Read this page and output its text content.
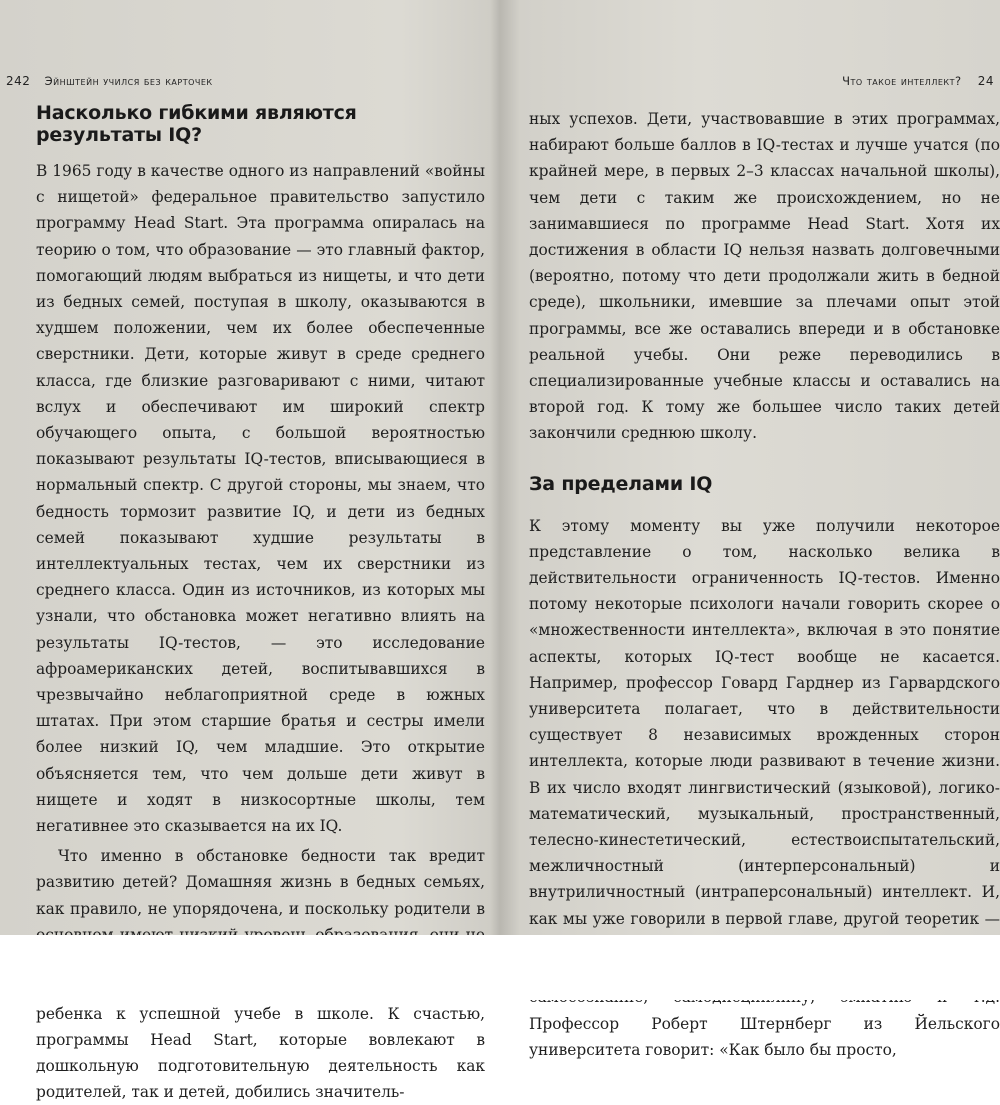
242 Эйнштейн учился без карточек
Насколько гибкими являются результаты IQ?

В 1965 году в качестве одного из направлений «войны с нищетой» федеральное правительство запустило программу Head Start. Эта программа опиралась на теорию о том, что образование — это главный фактор, помогающий людям выбраться из нищеты, и что дети из бедных семей, поступая в школу, оказываются в худшем положении, чем их более обеспеченные сверстники. Дети, которые живут в среде среднего класса, где близкие разговаривают с ними, читают вслух и обеспечивают им широкий спектр обучающего опыта, с большой вероятностью показывают результаты IQ-тестов, вписывающиеся в нормальный спектр. С другой стороны, мы знаем, что бедность тормозит развитие IQ, и дети из бедных семей показывают худшие результаты в интеллектуальных тестах, чем их сверстники из среднего класса. Один из источников, из которых мы узнали, что обстановка может негативно влиять на результаты IQ-тестов, — это исследование афроамериканских детей, воспитывавшихся в чрезвычайно неблагоприятной среде в южных штатах. При этом старшие братья и сестры имели более низкий IQ, чем младшие. Это открытие объясняется тем, что чем дольше дети живут в нищете и ходят в низкосортные школы, тем негативнее это сказывается на их IQ.

Что именно в обстановке бедности так вредит развитию детей? Домашняя жизнь в бедных семьях, как правило, не упорядочена, и поскольку родители в ребенка к успешной учебе в школе. К счастью, программы Head Start, которые вовлекают в дошкольную подготовительную деятельность как родителей, так и детей, добились значитель-

Что такое интеллект? 24

ных успехов. Дети, участвовавшие в этих программах, набирают больше баллов в IQ-тестах и лучше учатся (по крайней мере, в первых 2–3 классах начальной школы), чем дети с таким же происхождением, но не занимавшиеся по программе Head Start. Хотя их достижения в области IQ нельзя назвать долговечными (вероятно, потому что дети продолжали жить в бедной среде), школьники, имевшие за плечами опыт этой программы, все же оставались впереди и в обстановке реальной учебы. Они реже переводились в специализированные учебные классы и оставались на второй год. К тому же большее число таких детей закончили среднюю школу.

За пределами IQ

К этому моменту вы уже получили некоторое представление о том, насколько велика в действительности ограниченность IQ-тестов. Именно потому некоторые психологи начали говорить скорее о «множественности интеллекта», включая в это понятие аспекты, которых IQ-тест вообще не касается. Например, профессор Говард Гарднер из Гарвардского университета полагает, что в действительности существует 8 независимых врожденных сторон интеллекта, которые люди развивают в течение жизни. В их число входят лингвистический (языковой), логико-математический, музыкальный, пространственный, телесно-кинестетический, естествоиспытательский, межличностный (интерперсональный) и внутриличностный (интраперсональный) интеллект. И, как мы уже говорили в первой главе, другой теоретик — Профессор Роберт Штернберг из Йельского университета говорит: «Как было бы просто,
